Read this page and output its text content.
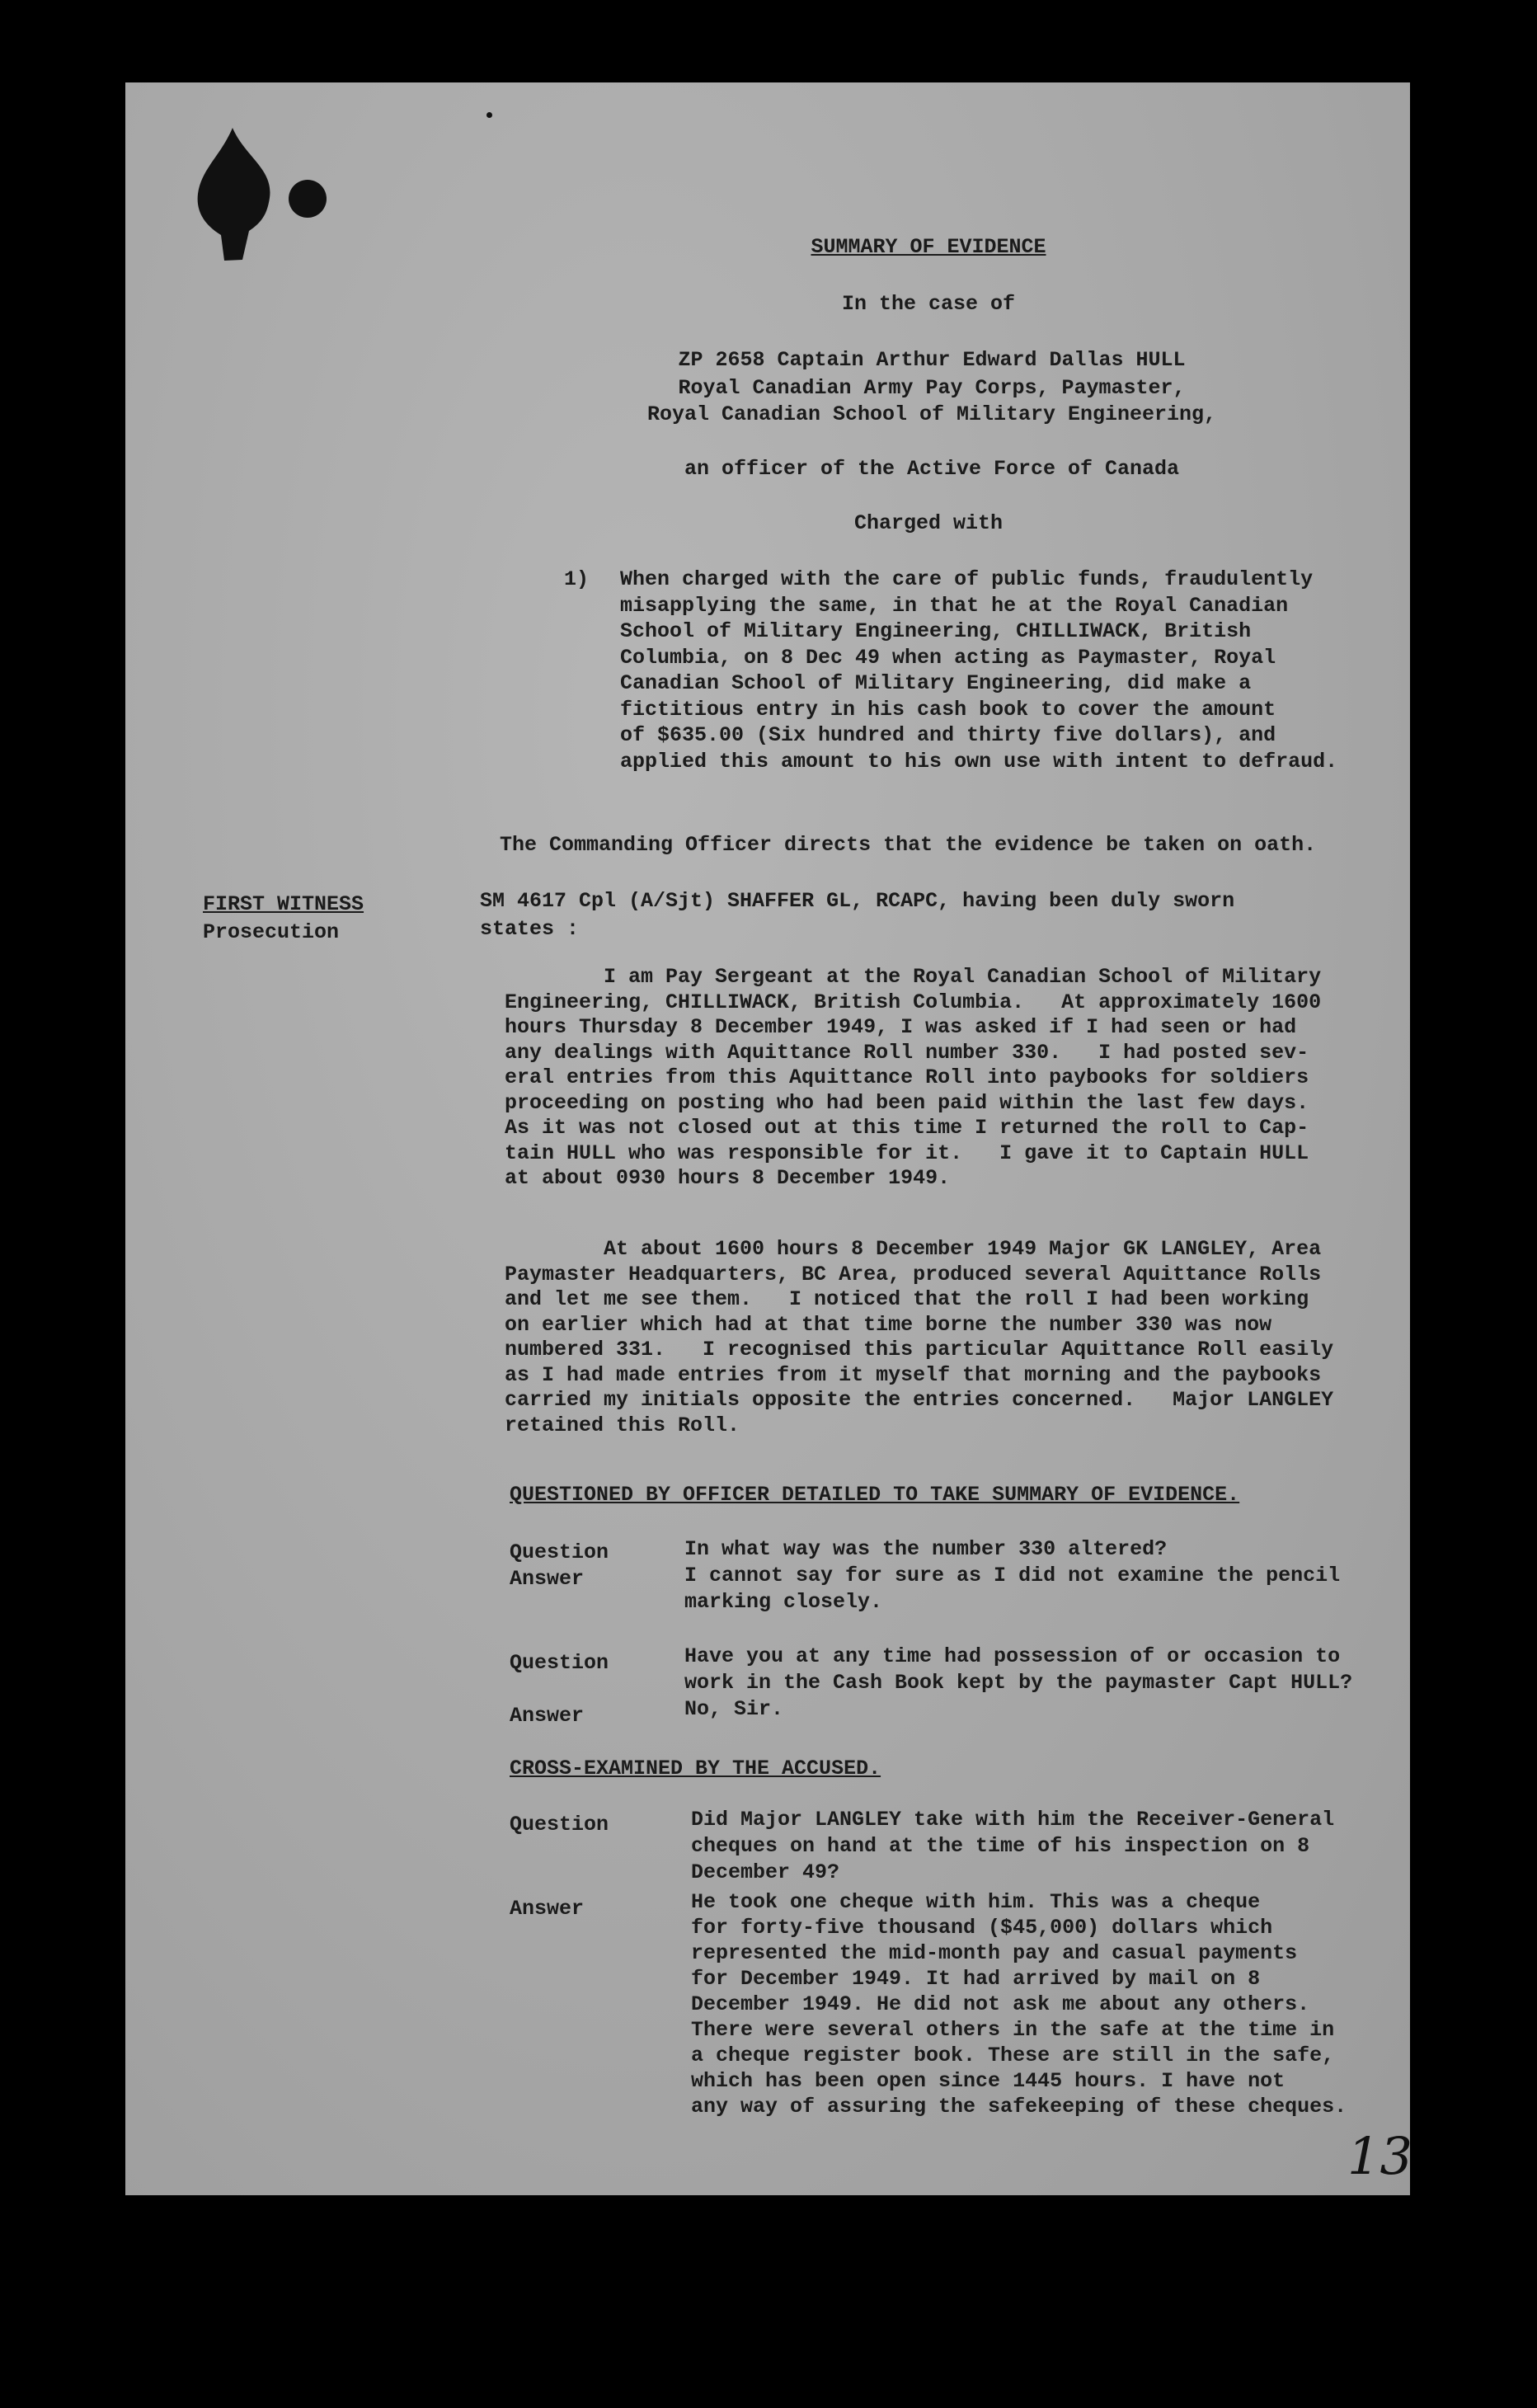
SUMMARY OF EVIDENCE
In the case of
ZP 2658 Captain Arthur Edward Dallas HULL
Royal Canadian Army Pay Corps, Paymaster,
Royal Canadian School of Military Engineering,
an officer of the Active Force of Canada
Charged with
1) When charged with the care of public funds, fraudulently
misapplying the same, in that he at the Royal Canadian
School of Military Engineering, CHILLIWACK, British
Columbia, on 8 Dec 49 when acting as Paymaster, Royal
Canadian School of Military Engineering, did make a
fictitious entry in his cash book to cover the amount
of $635.00 (Six hundred and thirty five dollars), and
applied this amount to his own use with intent to defraud.
The Commanding Officer directs that the evidence be taken on oath.
FIRST WITNESS
Prosecution
SM 4617 Cpl (A/Sjt) SHAFFER GL, RCAPC, having been duly sworn
states :
I am Pay Sergeant at the Royal Canadian School of Military
Engineering, CHILLIWACK, British Columbia.   At approximately 1600
hours Thursday 8 December 1949, I was asked if I had seen or had
any dealings with Aquittance Roll number 330.   I had posted sev-
eral entries from this Aquittance Roll into paybooks for soldiers
proceeding on posting who had been paid within the last few days.
As it was not closed out at this time I returned the roll to Cap-
tain HULL who was responsible for it.   I gave it to Captain HULL
at about 0930 hours 8 December 1949.
At about 1600 hours 8 December 1949 Major GK LANGLEY, Area
Paymaster Headquarters, BC Area, produced several Aquittance Rolls
and let me see them.   I noticed that the roll I had been working
on earlier which had at that time borne the number 330 was now
numbered 331.   I recognised this particular Aquittance Roll easily
as I had made entries from it myself that morning and the paybooks
carried my initials opposite the entries concerned.   Major LANGLEY
retained this Roll.
QUESTIONED BY OFFICER DETAILED TO TAKE SUMMARY OF EVIDENCE.
Question	In what way was the number 330 altered?
Answer	I cannot say for sure as I did not examine the pencil
marking closely.
Question	Have you at any time had possession of or occasion to
work in the Cash Book kept by the paymaster Capt HULL?
Answer	No, Sir.
CROSS-EXAMINED BY THE ACCUSED.
Question	Did Major LANGLEY take with him the Receiver-General
cheques on hand at the time of his inspection on 8
December 49?
Answer	He took one cheque with him. This was a cheque
for forty-five thousand ($45,000) dollars which
represented the mid-month pay and casual payments
for December 1949. It had arrived by mail on 8
December 1949. He did not ask me about any others.
There were several others in the safe at the time in
a cheque register book. These are still in the safe,
which has been open since 1445 hours. I have not
any way of assuring the safekeeping of these cheques.
13
